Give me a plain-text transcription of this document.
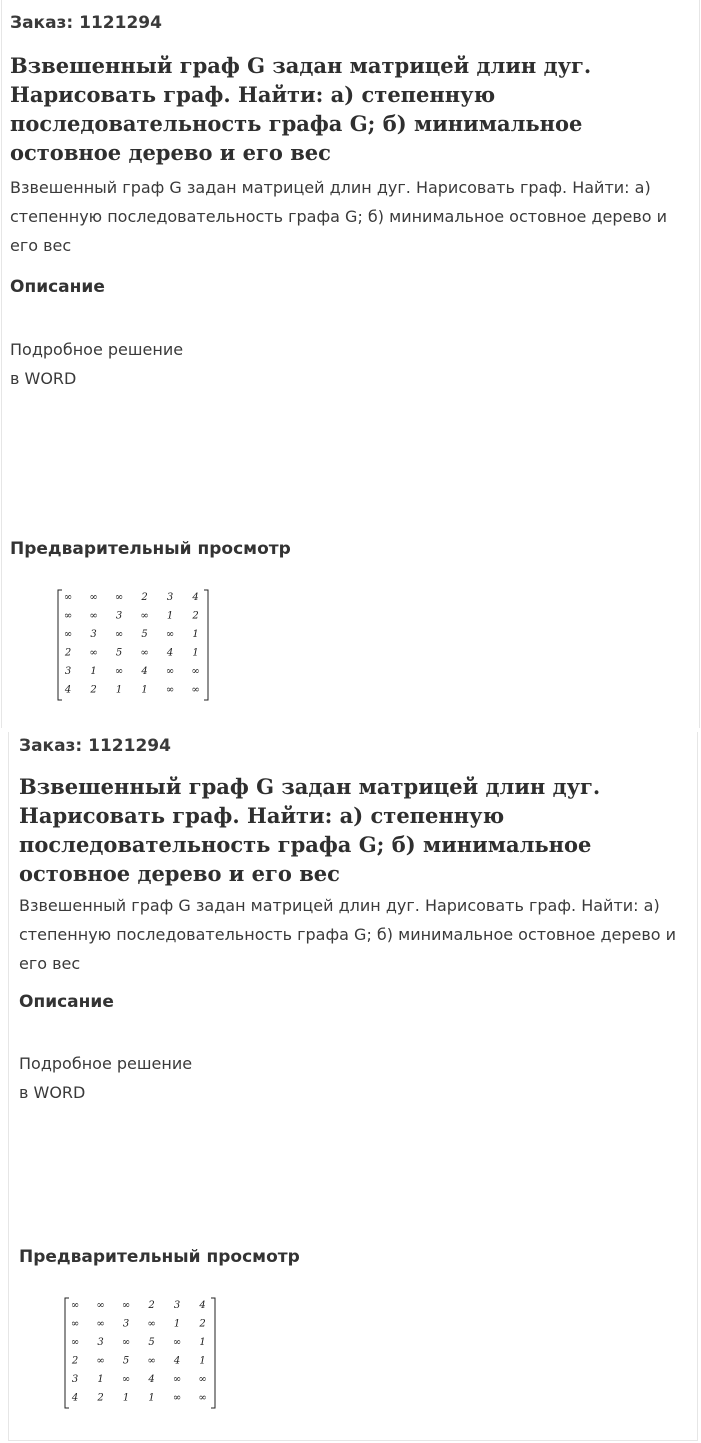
Заказ: 1121294
Взвешенный граф G задан матрицей длин дуг. Нарисовать граф. Найти: а) степенную последовательность графа G; б) минимальное остовное дерево и его вес
Взвешенный граф G задан матрицей длин дуг. Нарисовать граф. Найти: а) степенную последовательность графа G; б) минимальное остовное дерево и его вес
Описание
Подробное решение
в WORD
Предварительный просмотр
∞ ∞ ∞ 2 3 4
∞ ∞ 3 ∞ 1 2
∞ 3 ∞ 5 ∞ 1
2 ∞ 5 ∞ 4 1
3 1 ∞ 4 ∞ ∞
4 2 1 1 ∞ ∞
Заказ: 1121294
Взвешенный граф G задан матрицей длин дуг. Нарисовать граф. Найти: а) степенную последовательность графа G; б) минимальное остовное дерево и его вес
Взвешенный граф G задан матрицей длин дуг. Нарисовать граф. Найти: а) степенную последовательность графа G; б) минимальное остовное дерево и его вес
Описание
Подробное решение
в WORD
Предварительный просмотр
∞ ∞ ∞ 2 3 4
∞ ∞ 3 ∞ 1 2
∞ 3 ∞ 5 ∞ 1
2 ∞ 5 ∞ 4 1
3 1 ∞ 4 ∞ ∞
4 2 1 1 ∞ ∞
